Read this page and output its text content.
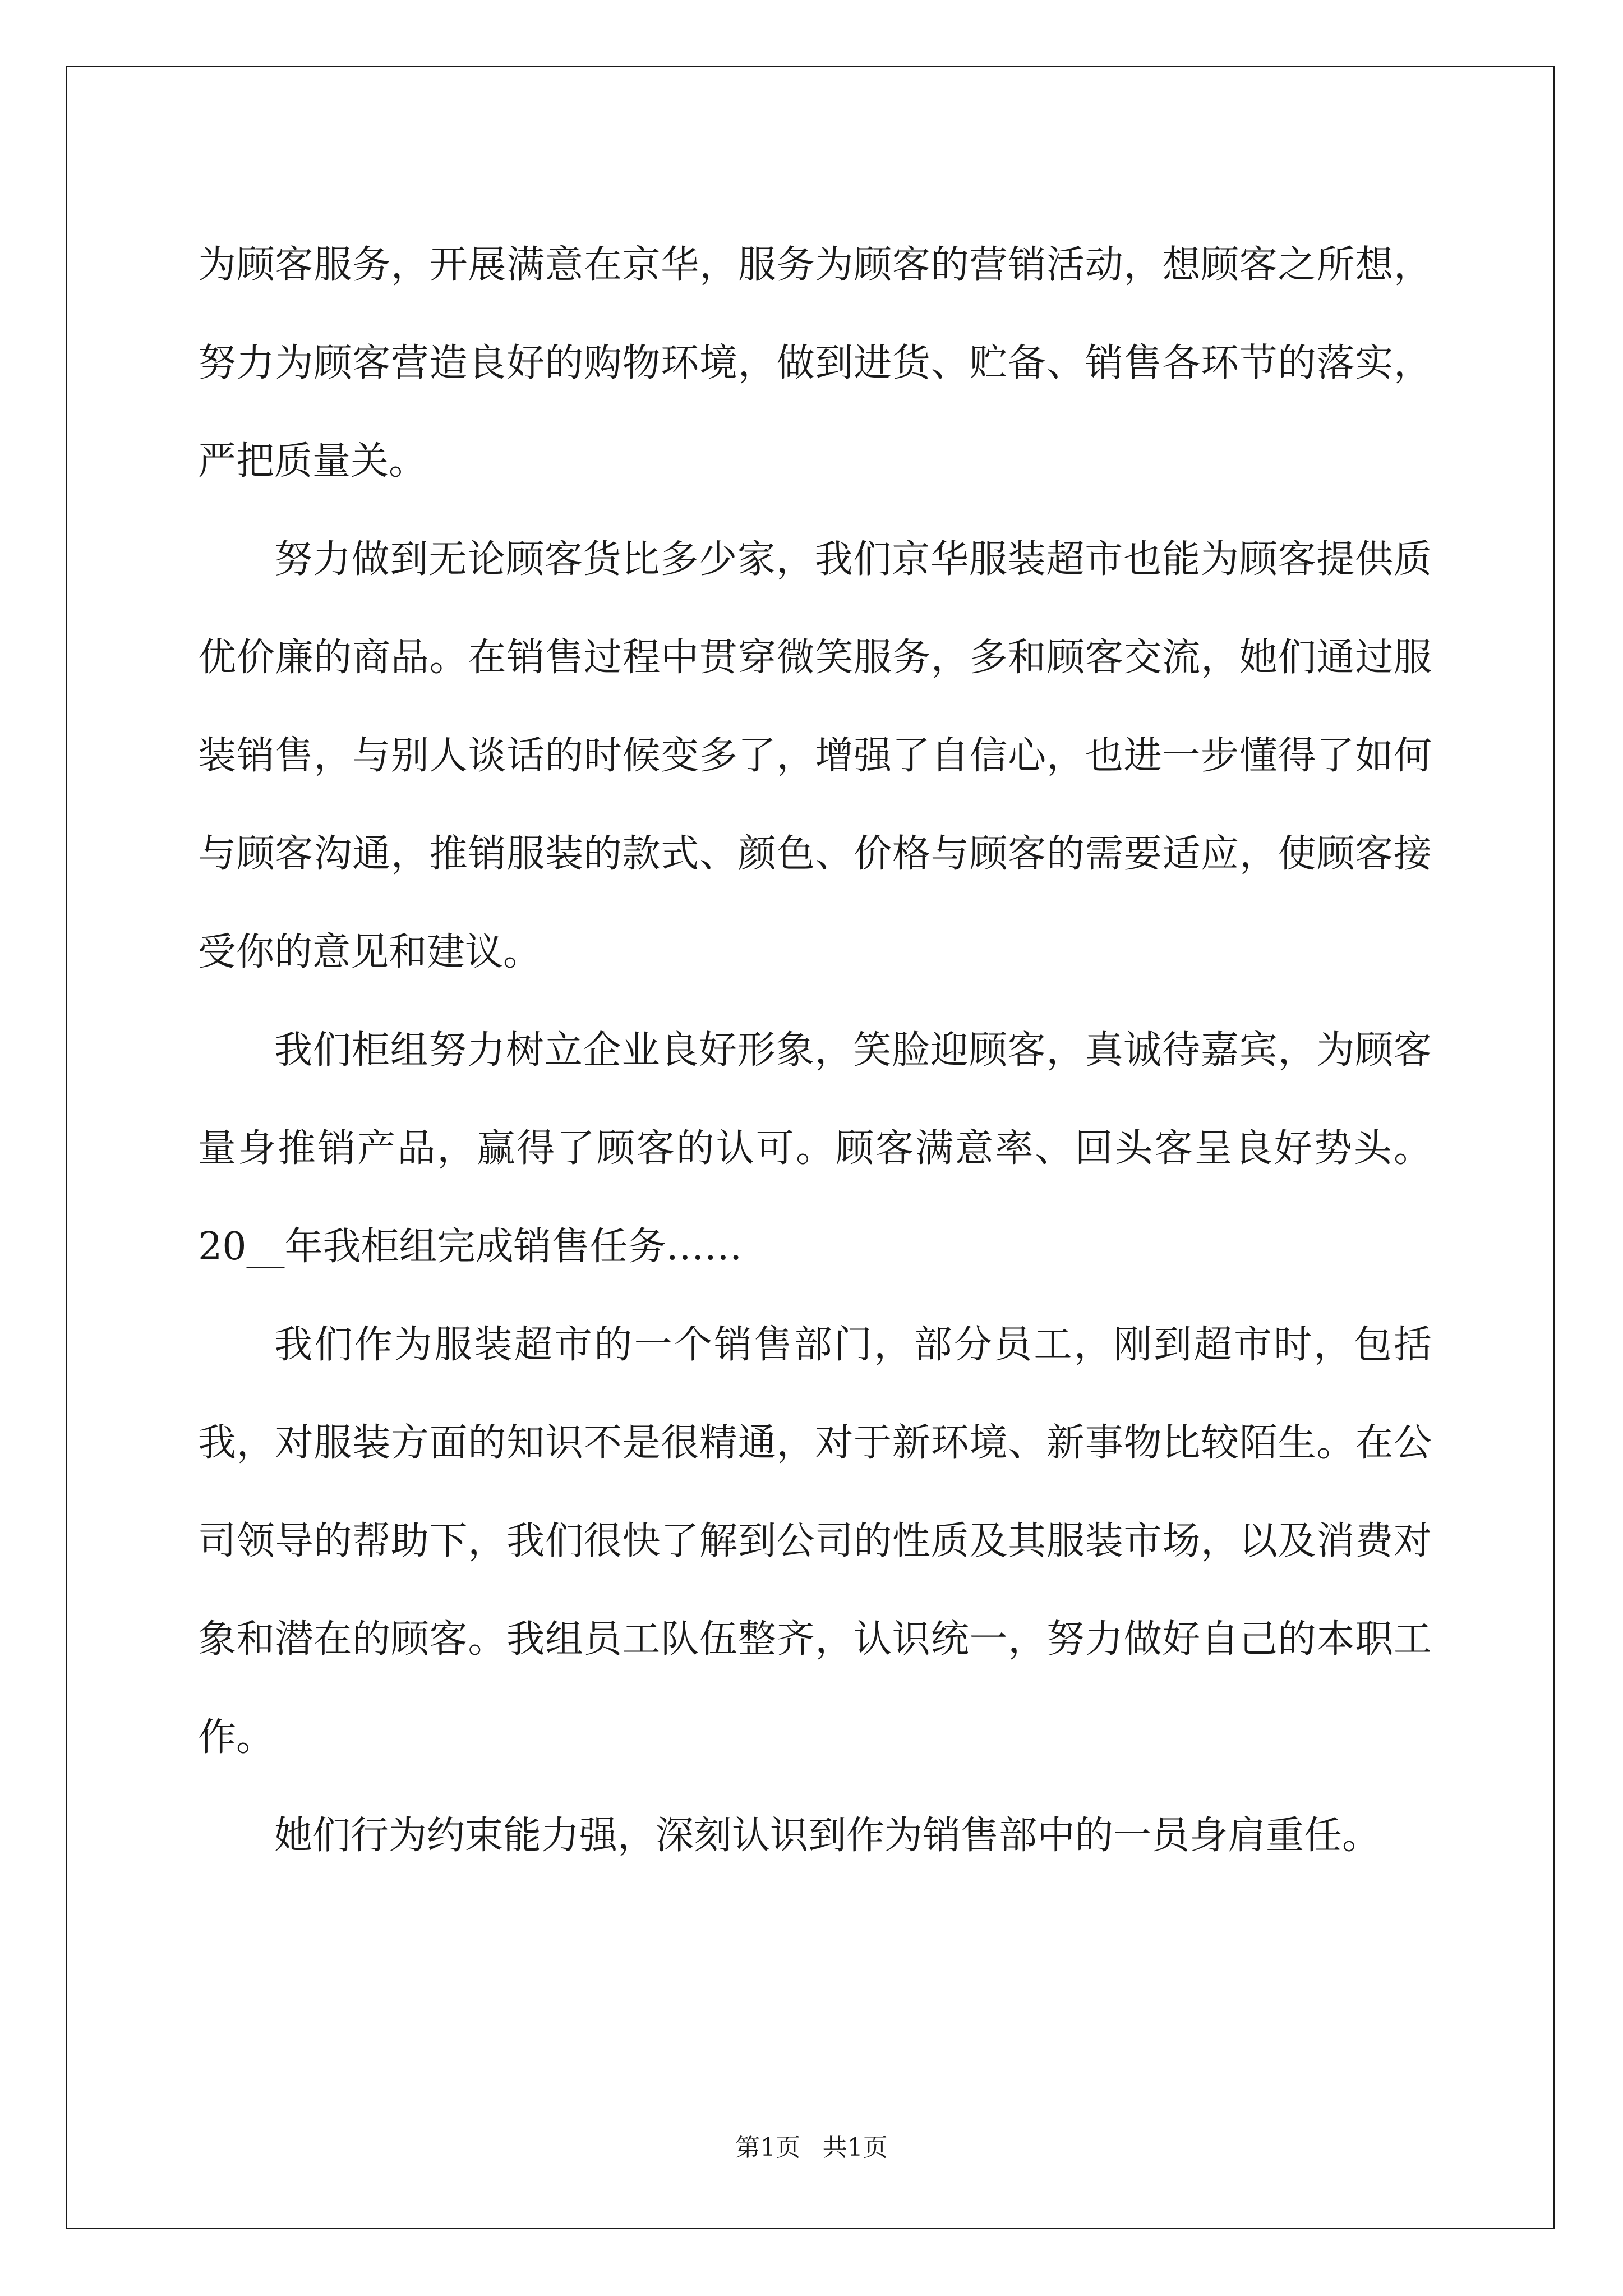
为顾客服务，开展满意在京华，服务为顾客的营销活动，想顾客之所想，努力为顾客营造良好的购物环境，做到进货、贮备、销售各环节的落实，严把质量关。

努力做到无论顾客货比多少家，我们京华服装超市也能为顾客提供质优价廉的商品。在销售过程中贯穿微笑服务，多和顾客交流，她们通过服装销售，与别人谈话的时候变多了，增强了自信心，也进一步懂得了如何与顾客沟通，推销服装的款式、颜色、价格与顾客的需要适应，使顾客接受你的意见和建议。

我们柜组努力树立企业良好形象，笑脸迎顾客，真诚待嘉宾，为顾客量身推销产品，赢得了顾客的认可。顾客满意率、回头客呈良好势头。20__年我柜组完成销售任务……

我们作为服装超市的一个销售部门，部分员工，刚到超市时，包括我，对服装方面的知识不是很精通，对于新环境、新事物比较陌生。在公司领导的帮助下，我们很快了解到公司的性质及其服装市场，以及消费对象和潜在的顾客。我组员工队伍整齐，认识统一，努力做好自己的本职工作。

她们行为约束能力强，深刻认识到作为销售部中的一员身肩重任。

第1页 共1页
